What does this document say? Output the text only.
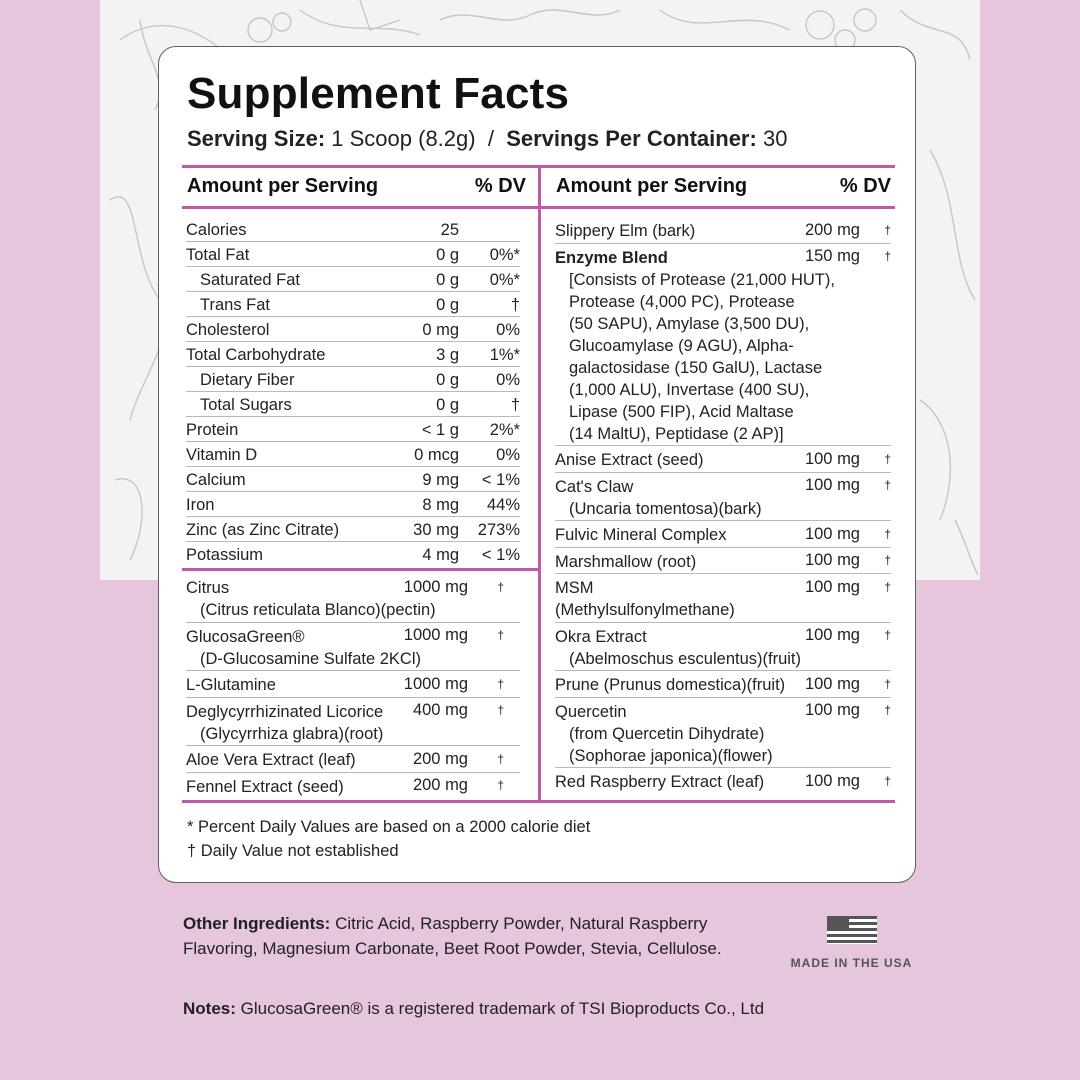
Supplement Facts
Serving Size: 1 Scoop (8.2g) / Servings Per Container: 30
Amount per Serving	% DV Amount per Serving	% DV
Calories	25
Total Fat	0 g 0%*
Saturated Fat	0 g 0%*
Trans Fat	0 g	†
Cholesterol	0 mg 0%
Total Carbohydrate	3 g 1%*
Dietary Fiber	0 g 0%
Total Sugars	0 g	†
Protein	< 1 g 2%*
Vitamin D	0 mcg 0%
Calcium	9 mg < 1%
Iron	8 mg 44%
Zinc (as Zinc Citrate)	30 mg 273%
Potassium	4 mg < 1%
Citrus
(Citrus reticulata Blanco)(pectin)
1000 mg †
GlucosaGreen®
(D-Glucosamine Sulfate 2KCl)
1000 mg †
L-Glutamine	1000 mg †
Deglycyrrhizinated Licorice
(Glycyrrhiza glabra)(root)
400 mg †
Aloe Vera Extract (leaf)	200 mg †
Fennel Extract (seed)	200 mg †
Slippery Elm (bark)	200 mg †
Enzyme Blend
[Consists of Protease (21,000 HUT),
Protease (4,000 PC), Protease
(50 SAPU), Amylase (3,500 DU),
Glucoamylase (9 AGU), Alpha-
galactosidase (150 GalU), Lactase
(1,000 ALU), Invertase (400 SU),
Lipase (500 FIP), Acid Maltase
(14 MaltU), Peptidase (2 AP)]
150 mg †
Anise Extract (seed)	100 mg †
Cat's Claw
(Uncaria tomentosa)(bark)
100 mg †
Fulvic Mineral Complex	100 mg †
Marshmallow (root)	100 mg †
MSM
(Methylsulfonylmethane)
100 mg †
Okra Extract
(Abelmoschus esculentus)(fruit)
100 mg †
Prune (Prunus domestica)(fruit)	100 mg †
Quercetin
(from Quercetin Dihydrate)
(Sophorae japonica)(flower)
100 mg †
Red Raspberry Extract (leaf)	100 mg †
* Percent Daily Values are based on a 2000 calorie diet
† Daily Value not established
Other Ingredients: Citric Acid, Raspberry Powder, Natural Raspberry Flavoring, Magnesium Carbonate, Beet Root Powder, Stevia, Cellulose.
Notes: GlucosaGreen® is a registered trademark of TSI Bioproducts Co., Ltd
MADE IN THE USA
